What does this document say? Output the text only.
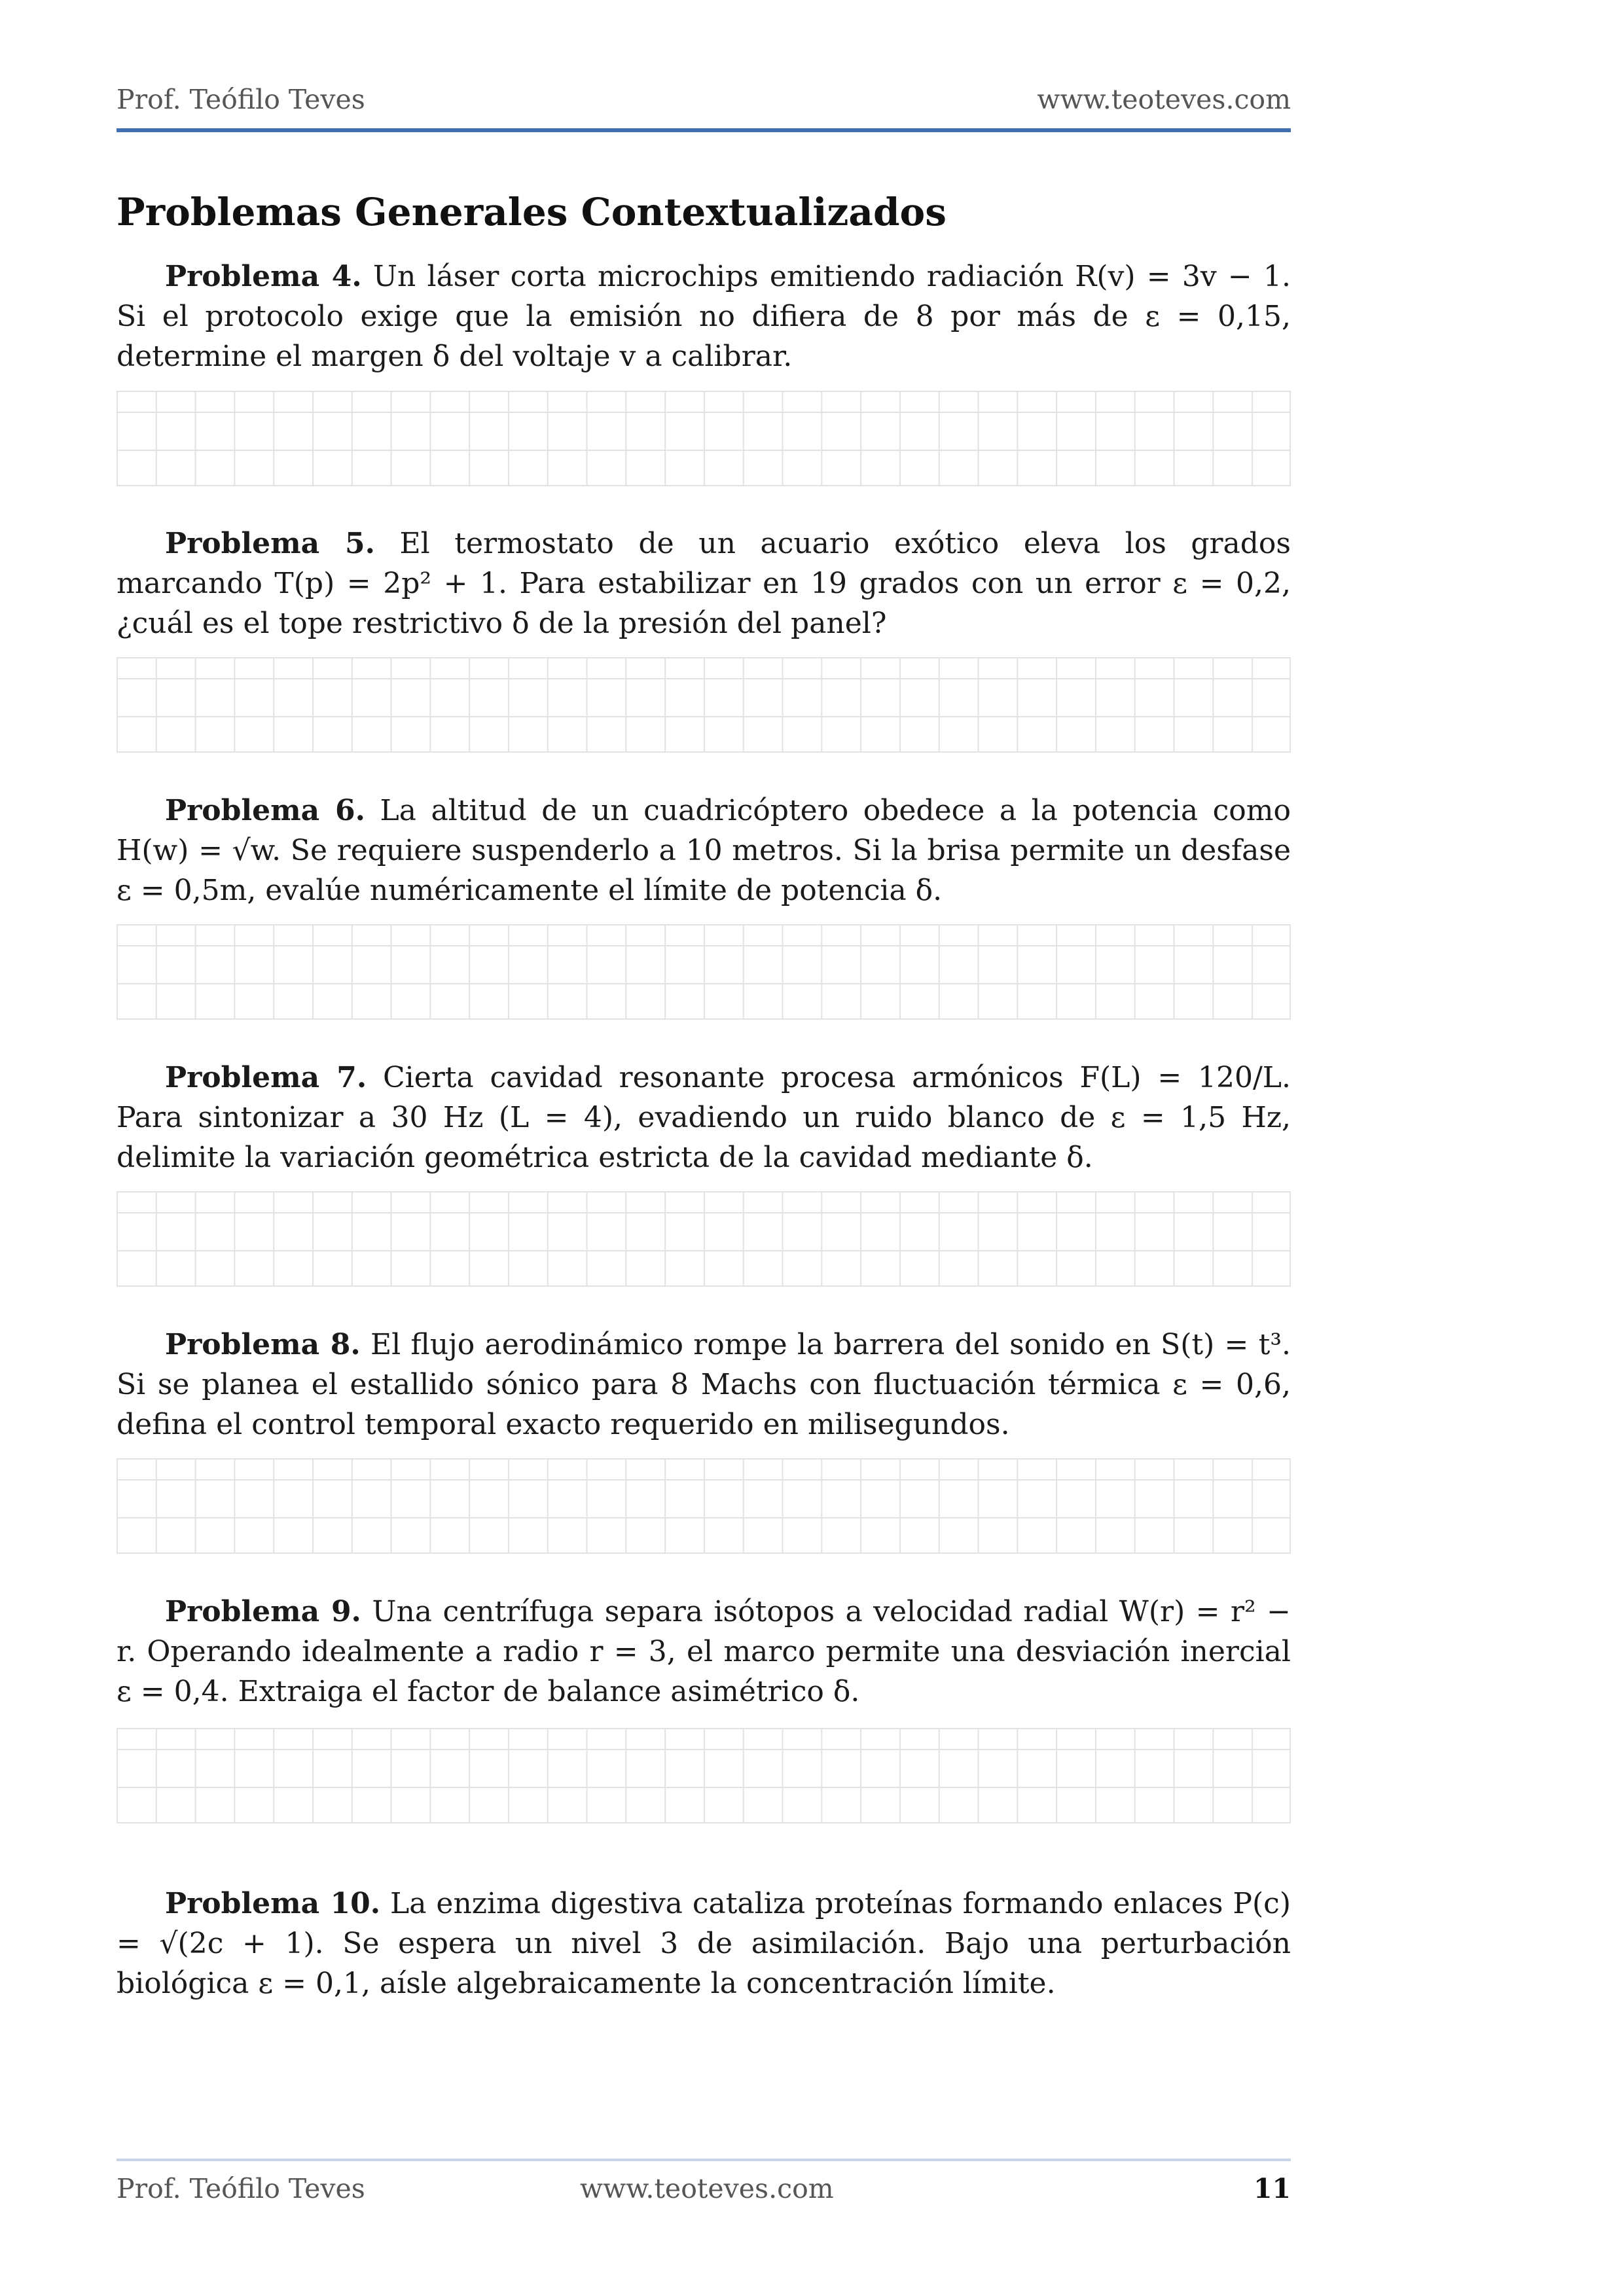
Prof. Teófilo Teves	www.teoteves.com
Problemas Generales Contextualizados

Problema 4. Un láser corta microchips emitiendo radiación R(v) = 3v − 1. Si el protocolo exige que la emisión no difiera de 8 por más de ε = 0,15, determine el margen δ del voltaje v a calibrar.

Problema 5. El termostato de un acuario exótico eleva los grados marcando T(p) = 2p² + 1. Para estabilizar en 19 grados con un error ε = 0,2, ¿cuál es el tope restrictivo δ de la presión del panel?

Problema 6. La altitud de un cuadricóptero obedece a la potencia como H(w) = √w. Se requiere suspenderlo a 10 metros. Si la brisa permite un desfase ε = 0,5m, evalúe numéricamente el límite de potencia δ.

Problema 7. Cierta cavidad resonante procesa armónicos F(L) = 120/L. Para sintonizar a 30 Hz (L = 4), evadiendo un ruido blanco de ε = 1,5 Hz, delimite la variación geométrica estricta de la cavidad mediante δ.

Problema 8. El flujo aerodinámico rompe la barrera del sonido en S(t) = t³. Si se planea el estallido sónico para 8 Machs con fluctuación térmica ε = 0,6, defina el control temporal exacto requerido en milisegundos.

Problema 9. Una centrífuga separa isótopos a velocidad radial W(r) = r² − r. Operando idealmente a radio r = 3, el marco permite una desviación inercial ε = 0,4. Extraiga el factor de balance asimétrico δ.

Problema 10. La enzima digestiva cataliza proteínas formando enlaces P(c) = √(2c + 1). Se espera un nivel 3 de asimilación. Bajo una perturbación biológica ε = 0,1, aísle algebraicamente la concentración límite.

Prof. Teófilo Teves	www.teoteves.com	11
